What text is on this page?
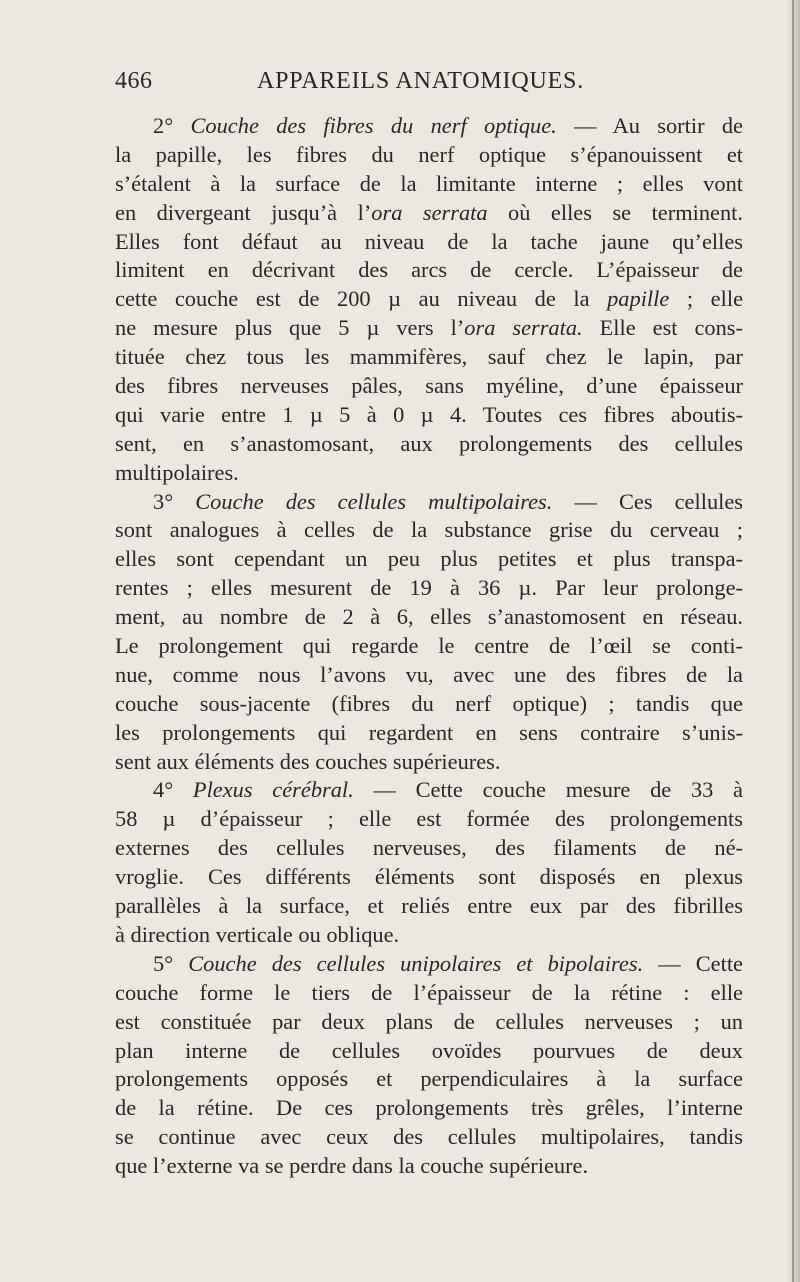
466	APPAREILS ANATOMIQUES.
2° Couche des fibres du nerf optique. — Au sortir de
la papille, les fibres du nerf optique s’épanouissent et
s’étalent à la surface de la limitante interne ; elles vont
en divergeant jusqu’à l’ora serrata où elles se terminent.
Elles font défaut au niveau de la tache jaune qu’elles
limitent en décrivant des arcs de cercle. L’épaisseur de
cette couche est de 200 µ au niveau de la papille ; elle
ne mesure plus que 5 µ vers l’ora serrata. Elle est cons-
tituée chez tous les mammifères, sauf chez le lapin, par
des fibres nerveuses pâles, sans myéline, d’une épaisseur
qui varie entre 1 µ 5 à 0 µ 4. Toutes ces fibres aboutis-
sent, en s’anastomosant, aux prolongements des cellules
multipolaires.
3° Couche des cellules multipolaires. — Ces cellules
sont analogues à celles de la substance grise du cerveau ;
elles sont cependant un peu plus petites et plus transpa-
rentes ; elles mesurent de 19 à 36 µ. Par leur prolonge-
ment, au nombre de 2 à 6, elles s’anastomosent en réseau.
Le prolongement qui regarde le centre de l’œil se conti-
nue, comme nous l’avons vu, avec une des fibres de la
couche sous-jacente (fibres du nerf optique) ; tandis que
les prolongements qui regardent en sens contraire s’unis-
sent aux éléments des couches supérieures.
4° Plexus cérébral. — Cette couche mesure de 33 à
58 µ d’épaisseur ; elle est formée des prolongements
externes des cellules nerveuses, des filaments de né-
vroglie. Ces différents éléments sont disposés en plexus
parallèles à la surface, et reliés entre eux par des fibrilles
à direction verticale ou oblique.
5° Couche des cellules unipolaires et bipolaires. — Cette
couche forme le tiers de l’épaisseur de la rétine : elle
est constituée par deux plans de cellules nerveuses ; un
plan interne de cellules ovoïdes pourvues de deux
prolongements opposés et perpendiculaires à la surface
de la rétine. De ces prolongements très grêles, l’interne
se continue avec ceux des cellules multipolaires, tandis
que l’externe va se perdre dans la couche supérieure.
